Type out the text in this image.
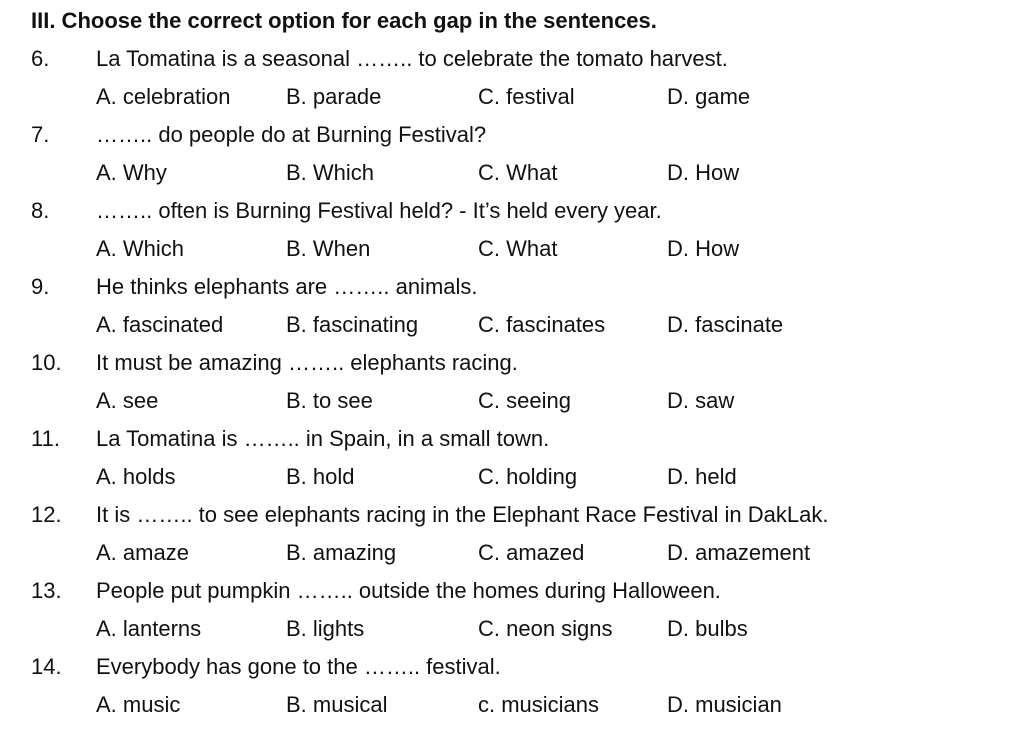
III. Choose the correct option for each gap in the sentences.
6. La Tomatina is a seasonal …….. to celebrate the tomato harvest.
A. celebration	B. parade	C. festival	D. game
7. …….. do people do at Burning Festival?
A. Why	B. Which	C. What	D. How
8. …….. often is Burning Festival held? - It’s held every year.
A. Which	B. When	C. What	D. How
9. He thinks elephants are …….. animals.
A. fascinated	B. fascinating	C. fascinates	D. fascinate
10. It must be amazing …….. elephants racing.
A. see	B. to see	C. seeing	D. saw
11. La Tomatina is …….. in Spain, in a small town.
A. holds	B. hold	C. holding	D. held
12. It is …….. to see elephants racing in the Elephant Race Festival in DakLak.
A. amaze	B. amazing	C. amazed	D. amazement
13. People put pumpkin …….. outside the homes during Halloween.
A. lanterns	B. lights	C. neon signs D. bulbs
14. Everybody has gone to the …….. festival.
A. music	B. musical	c. musicians	D. musician
